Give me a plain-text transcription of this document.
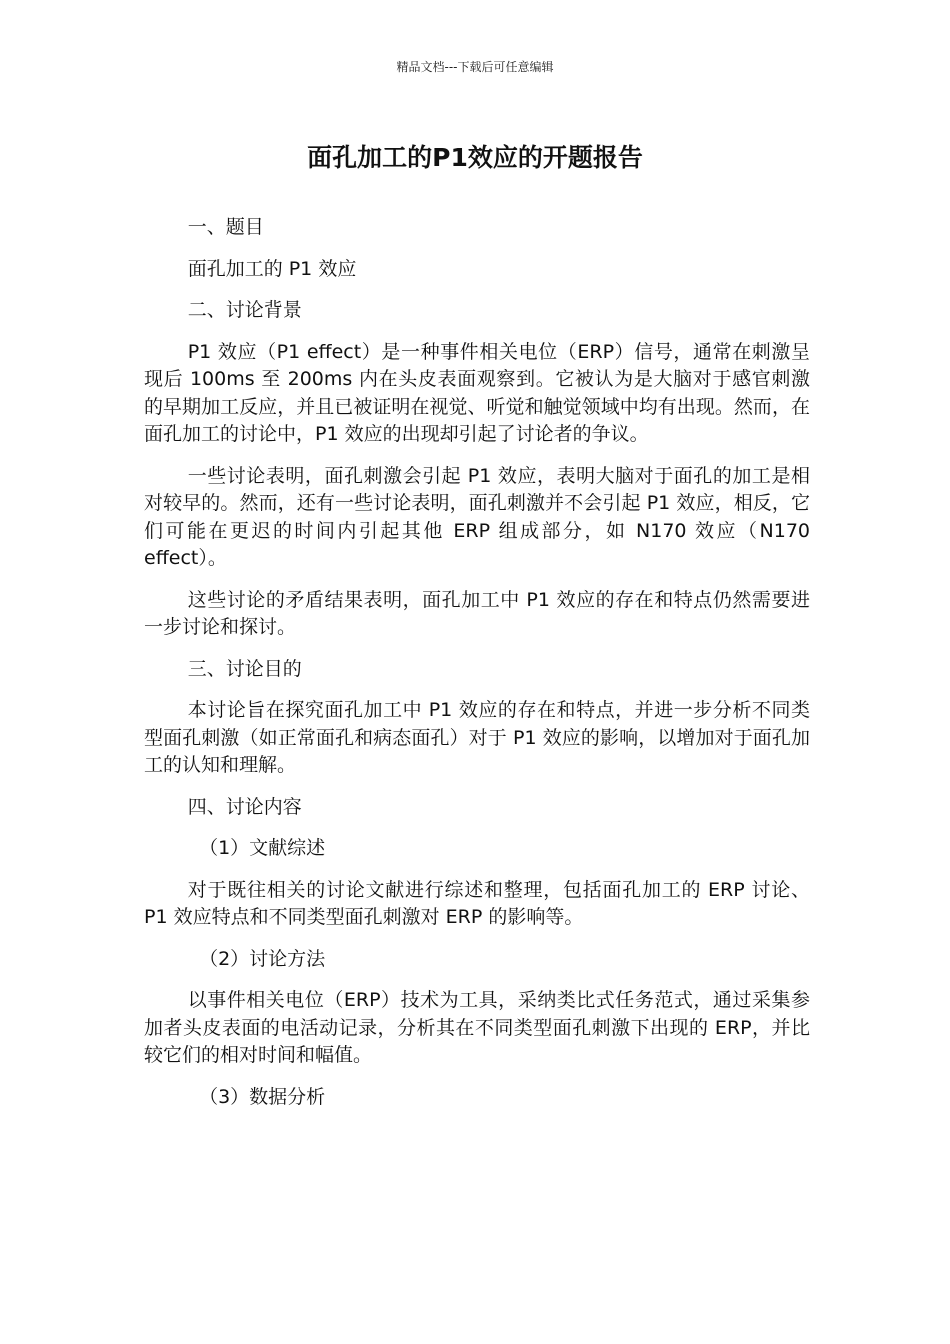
精品文档---下载后可任意编辑
面孔加工的P1效应的开题报告

一、题目

面孔加工的 P1 效应

二、讨论背景

P1 效应（P1 effect）是一种事件相关电位（ERP）信号，通常在刺激呈现后 100ms 至 200ms 内在头皮表面观察到。它被认为是大脑对于感官刺激的早期加工反应，并且已被证明在视觉、听觉和触觉领域中均有出现。然而，在面孔加工的讨论中，P1 效应的出现却引起了讨论者的争议。

一些讨论表明，面孔刺激会引起 P1 效应，表明大脑对于面孔的加工是相对较早的。然而，还有一些讨论表明，面孔刺激并不会引起 P1 效应，相反，它们可能在更迟的时间内引起其他 ERP 组成部分，如 N170 效应（N170 effect）。

这些讨论的矛盾结果表明，面孔加工中 P1 效应的存在和特点仍然需要进一步讨论和探讨。

三、讨论目的

本讨论旨在探究面孔加工中 P1 效应的存在和特点，并进一步分析不同类型面孔刺激（如正常面孔和病态面孔）对于 P1 效应的影响，以增加对于面孔加工的认知和理解。

四、讨论内容

（1）文献综述

对于既往相关的讨论文献进行综述和整理，包括面孔加工的 ERP 讨论、P1 效应特点和不同类型面孔刺激对 ERP 的影响等。

（2）讨论方法

以事件相关电位（ERP）技术为工具，采纳类比式任务范式，通过采集参加者头皮表面的电活动记录，分析其在不同类型面孔刺激下出现的 ERP，并比较它们的相对时间和幅值。

（3）数据分析
